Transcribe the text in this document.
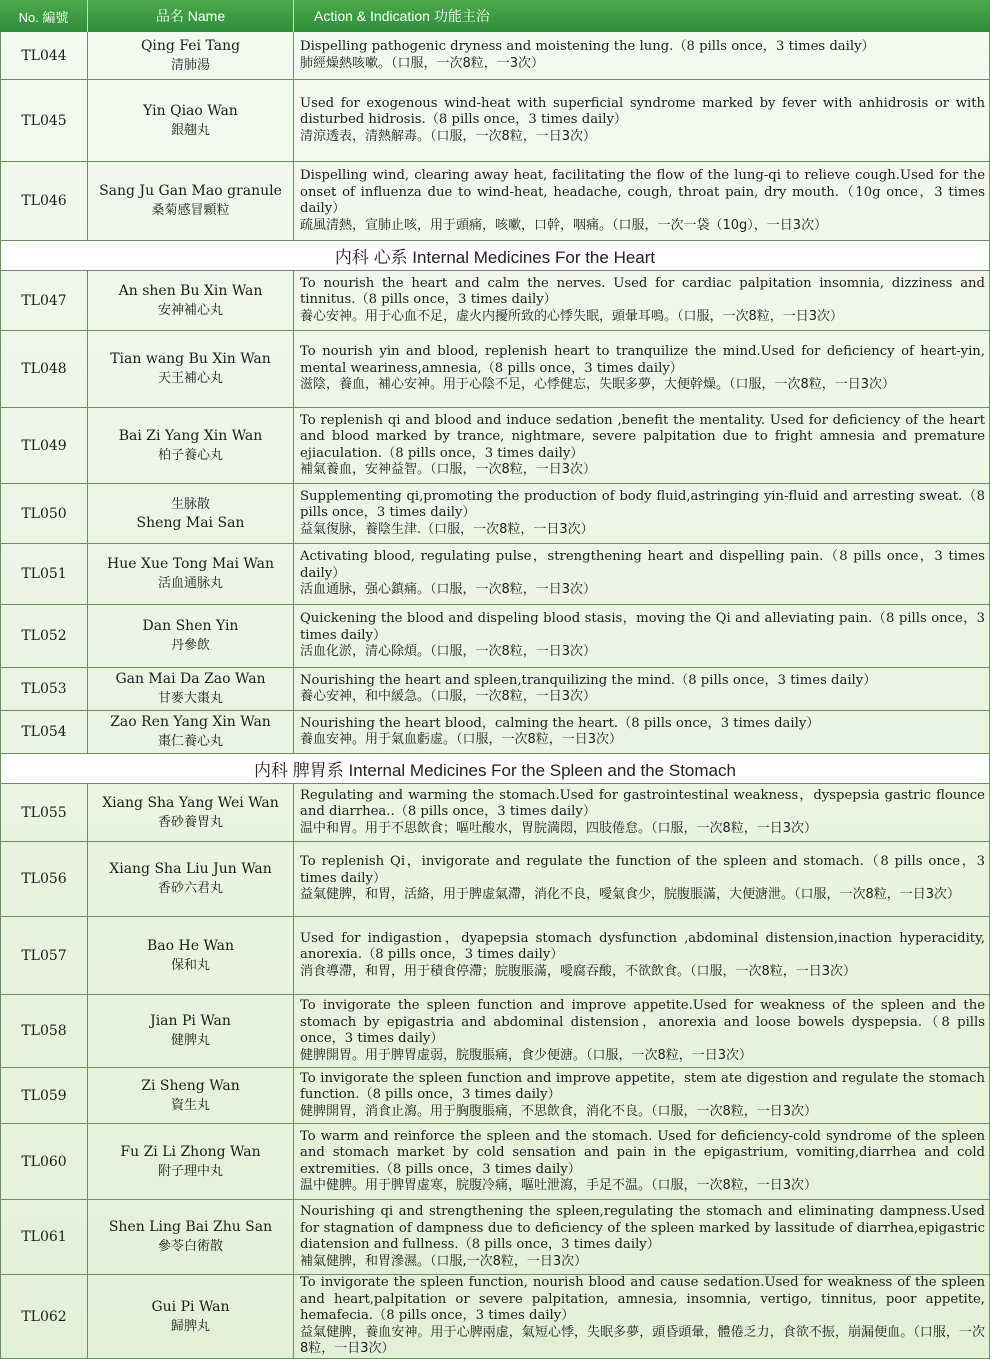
No. 編號	品名 Name	Action & Indication 功能主治
TL044
Qing Fei Tang
清肺湯
Dispelling pathogenic dryness and moistening the lung.（8 pills once，3 times daily）
肺經燥熱咳嗽。（口服，一次8粒，一3次）
TL045
Yin Qiao Wan
銀翹丸
Used for exogenous wind-heat with superficial syndrome marked by fever with anhidrosis or with disturbed hidrosis.（8 pills once，3 times daily）
清涼透表，清熱解毒。（口服，一次8粒，一日3次）
TL046
Sang Ju Gan Mao granule
桑菊感冒顆粒
Dispelling wind, clearing away heat, facilitating the flow of the lung-qi to relieve cough.Used for the onset of influenza due to wind-heat, headache, cough, throat pain, dry mouth.（10g once，3 times daily）
疏風清熱，宣肺止咳，用于頭痛，咳嗽，口幹，咽痛。（口服，一次一袋（10g），一日3次）
内科 心系 Internal Medicines For the Heart
TL047
An shen Bu Xin Wan
安神補心丸
To nourish the heart and calm the nerves. Used for cardiac palpitation insomnia, dizziness and tinnitus.（8 pills once，3 times daily）
養心安神。用于心血不足，虚火内擾所致的心悸失眠，頭暈耳鳴。（口服，一次8粒，一日3次）
TL048
Tian wang Bu Xin Wan
天王補心丸
To nourish yin and blood, replenish heart to tranquilize the mind.Used for deficiency of heart-yin, mental weariness,amnesia,（8 pills once，3 times daily）
滋陰，養血，補心安神。用于心陰不足，心悸健忘，失眠多夢，大便幹燥。（口服，一次8粒，一日3次）
TL049
Bai Zi Yang Xin Wan
柏子養心丸
To replenish qi and blood and induce sedation ,benefit the mentality. Used for deficiency of the heart and blood marked by trance, nightmare, severe palpitation due to fright amnesia and premature ejiaculation.（8 pills once，3 times daily）
補氣養血，安神益智。（口服，一次8粒，一日3次）
TL050
生脉散
Sheng Mai San
Supplementing qi,promoting the production of body fluid,astringing yin-fluid and arresting sweat.（8 pills once，3 times daily）
益氣復脉，養陰生津.（口服，一次8粒，一日3次）
TL051
Hue Xue Tong Mai Wan
活血通脉丸
Activating blood, regulating pulse，strengthening heart and dispelling pain.（8 pills once，3 times daily）
活血通脉，强心鎮痛。（口服，一次8粒，一日3次）
TL052
Dan Shen Yin
丹參飲
Quickening the blood and dispeling blood stasis，moving the Qi and alleviating pain.（8 pills once，3 times daily）
活血化淤，清心除煩。（口服，一次8粒，一日3次）
TL053
Gan Mai Da Zao Wan
甘麥大棗丸
Nourishing the heart and spleen,tranquilizing the mind.（8 pills once，3 times daily）
養心安神，和中緩急。（口服，一次8粒，一日3次）
TL054
Zao Ren Yang Xin Wan
棗仁養心丸
Nourishing the heart blood，calming the heart.（8 pills once，3 times daily）
養血安神。用于氣血虧虚。（口服，一次8粒，一日3次）
内科 脾胃系 Internal Medicines For the Spleen and the Stomach
TL055
Xiang Sha Yang Wei Wan
香砂養胃丸
Regulating and warming the stomach.Used for gastrointestinal weakness，dyspepsia gastric flounce and diarrhea..（8 pills once，3 times daily）
温中和胃。用于不思飲食；嘔吐酸水，胃脘満悶，四肢倦怠。（口服，一次8粒，一日3次）
TL056
Xiang Sha Liu Jun Wan
香砂六君丸
To replenish Qi，invigorate and regulate the function of the spleen and stomach.（8 pills once，3 times daily）
益氣健脾，和胃，活絡，用于脾虚氣滯，消化不良，噯氣食少，脘腹脹滿，大便溏泄。（口服，一次8粒，一日3次）
TL057
Bao He Wan
保和丸
Used for indigastion，dyapepsia stomach dysfunction ,abdominal distension,inaction hyperacidity, anorexia.（8 pills once，3 times daily）
消食導滯，和胃，用于積食停滯；脘腹脹滿，噯腐吞酸，不欲飲食。（口服，一次8粒，一日3次）
TL058
Jian Pi Wan
健脾丸
To invigorate the spleen function and improve appetite.Used for weakness of the spleen and the stomach by epigastria and abdominal distension，anorexia and loose bowels dyspepsia.（8 pills once，3 times daily）
健脾開胃。用于脾胃虚弱，脘腹脹痛，食少便溏。（口服，一次8粒，一日3次）
TL059
Zi Sheng Wan
資生丸
To invigorate the spleen function and improve appetite，stem ate digestion and regulate the stomach function.（8 pills once，3 times daily）
健脾開胃，消食止瀉。用于胸腹脹痛，不思飲食，消化不良。（口服，一次8粒，一日3次）
TL060
Fu Zi Li Zhong Wan
附子理中丸
To warm and reinforce the spleen and the stomach. Used for deficiency-cold syndrome of the spleen and stomach market by cold sensation and pain in the epigastrium, vomiting,diarrhea and cold extremities.（8 pills once，3 times daily）
温中健脾。用于脾胃虚寒，脘腹冷痛，嘔吐泄瀉，手足不温。（口服，一次8粒，一日3次）
TL061
Shen Ling Bai Zhu San
參苓白術散
Nourishing qi and strengthening the spleen,regulating the stomach and eliminating dampness.Used for stagnation of dampness due to deficiency of the spleen marked by lassitude of diarrhea,epigastric diatension and fullness.（8 pills once，3 times daily）
補氣健脾，和胃滲濕。（口服,一次8粒，一日3次）
TL062
Gui Pi Wan
歸脾丸
To invigorate the spleen function, nourish blood and cause sedation.Used for weakness of the spleen and heart,palpitation or severe palpitation, amnesia, insomnia, vertigo, tinnitus, poor appetite, hemafecia.（8 pills once，3 times daily）
益氣健脾，養血安神。用于心脾兩虚，氣短心悸，失眠多夢，頭昏頭暈，體倦乏力，食欲不振，崩漏便血。（口服，一次8粒，一日3次）
